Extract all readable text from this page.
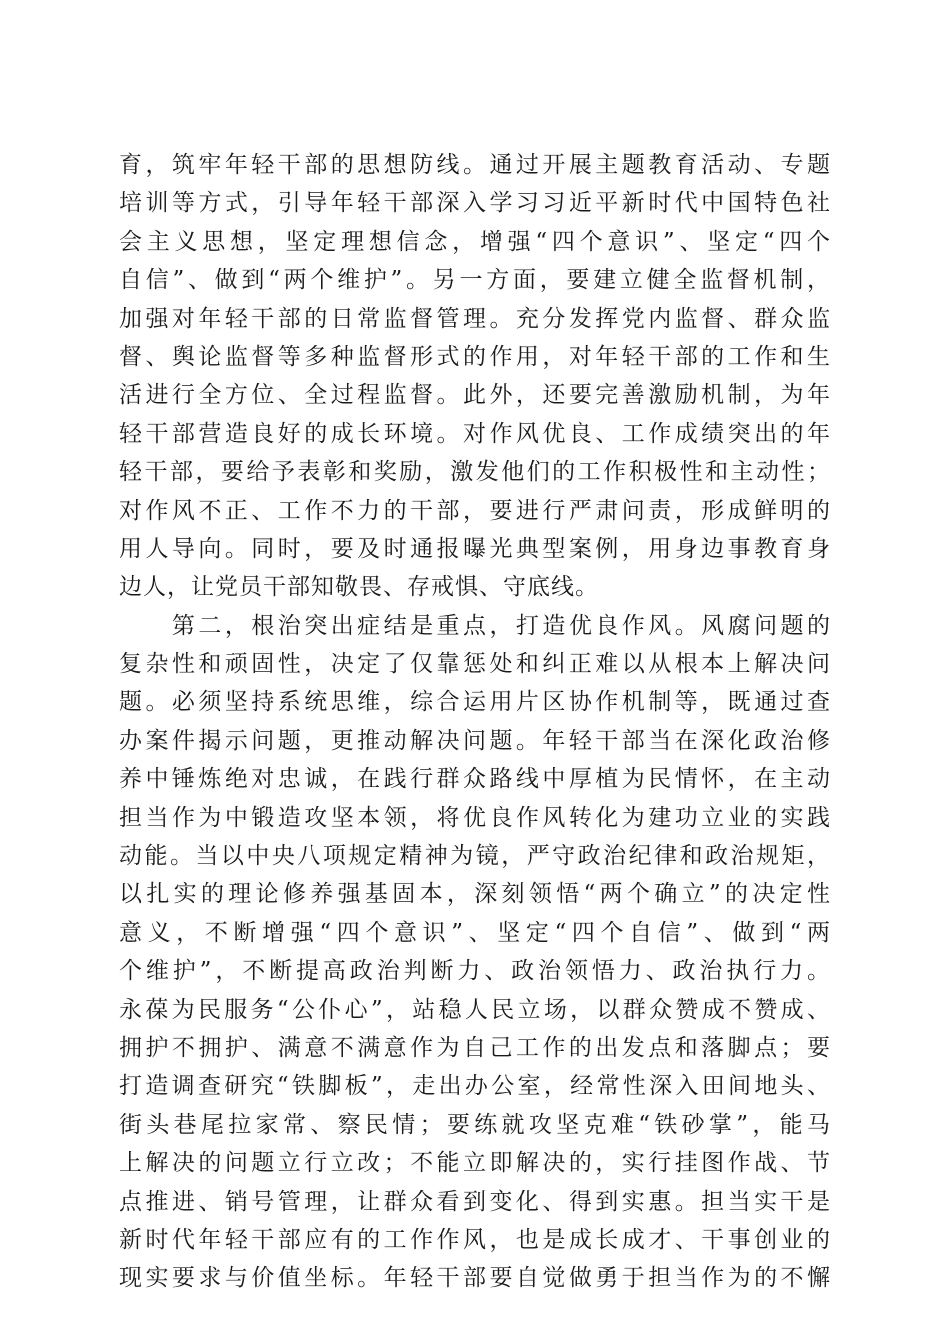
育，筑牢年轻干部的思想防线。通过开展主题教育活动、专题
培训等方式，引导年轻干部深入学习习近平新时代中国特色社
会主义思想，坚定理想信念，增强“四个意识”、坚定“四个
自信”、做到“两个维护”。另一方面，要建立健全监督机制，
加强对年轻干部的日常监督管理。充分发挥党内监督、群众监
督、舆论监督等多种监督形式的作用，对年轻干部的工作和生
活进行全方位、全过程监督。此外，还要完善激励机制，为年
轻干部营造良好的成长环境。对作风优良、工作成绩突出的年
轻干部，要给予表彰和奖励，激发他们的工作积极性和主动性；
对作风不正、工作不力的干部，要进行严肃问责，形成鲜明的
用人导向。同时，要及时通报曝光典型案例，用身边事教育身
边人，让党员干部知敬畏、存戒惧、守底线。
　　第二，根治突出症结是重点，打造优良作风。风腐问题的
复杂性和顽固性，决定了仅靠惩处和纠正难以从根本上解决问
题。必须坚持系统思维，综合运用片区协作机制等，既通过查
办案件揭示问题，更推动解决问题。年轻干部当在深化政治修
养中锤炼绝对忠诚，在践行群众路线中厚植为民情怀，在主动
担当作为中锻造攻坚本领，将优良作风转化为建功立业的实践
动能。当以中央八项规定精神为镜，严守政治纪律和政治规矩，
以扎实的理论修养强基固本，深刻领悟“两个确立”的决定性
意义，不断增强“四个意识”、坚定“四个自信”、做到“两
个维护”，不断提高政治判断力、政治领悟力、政治执行力。
永葆为民服务“公仆心”，站稳人民立场，以群众赞成不赞成、
拥护不拥护、满意不满意作为自己工作的出发点和落脚点；要
打造调查研究“铁脚板”，走出办公室，经常性深入田间地头、
街头巷尾拉家常、察民情；要练就攻坚克难“铁砂掌”，能马
上解决的问题立行立改；不能立即解决的，实行挂图作战、节
点推进、销号管理，让群众看到变化、得到实惠。担当实干是
新时代年轻干部应有的工作作风，也是成长成才、干事创业的
现实要求与价值坐标。年轻干部要自觉做勇于担当作为的不懈
